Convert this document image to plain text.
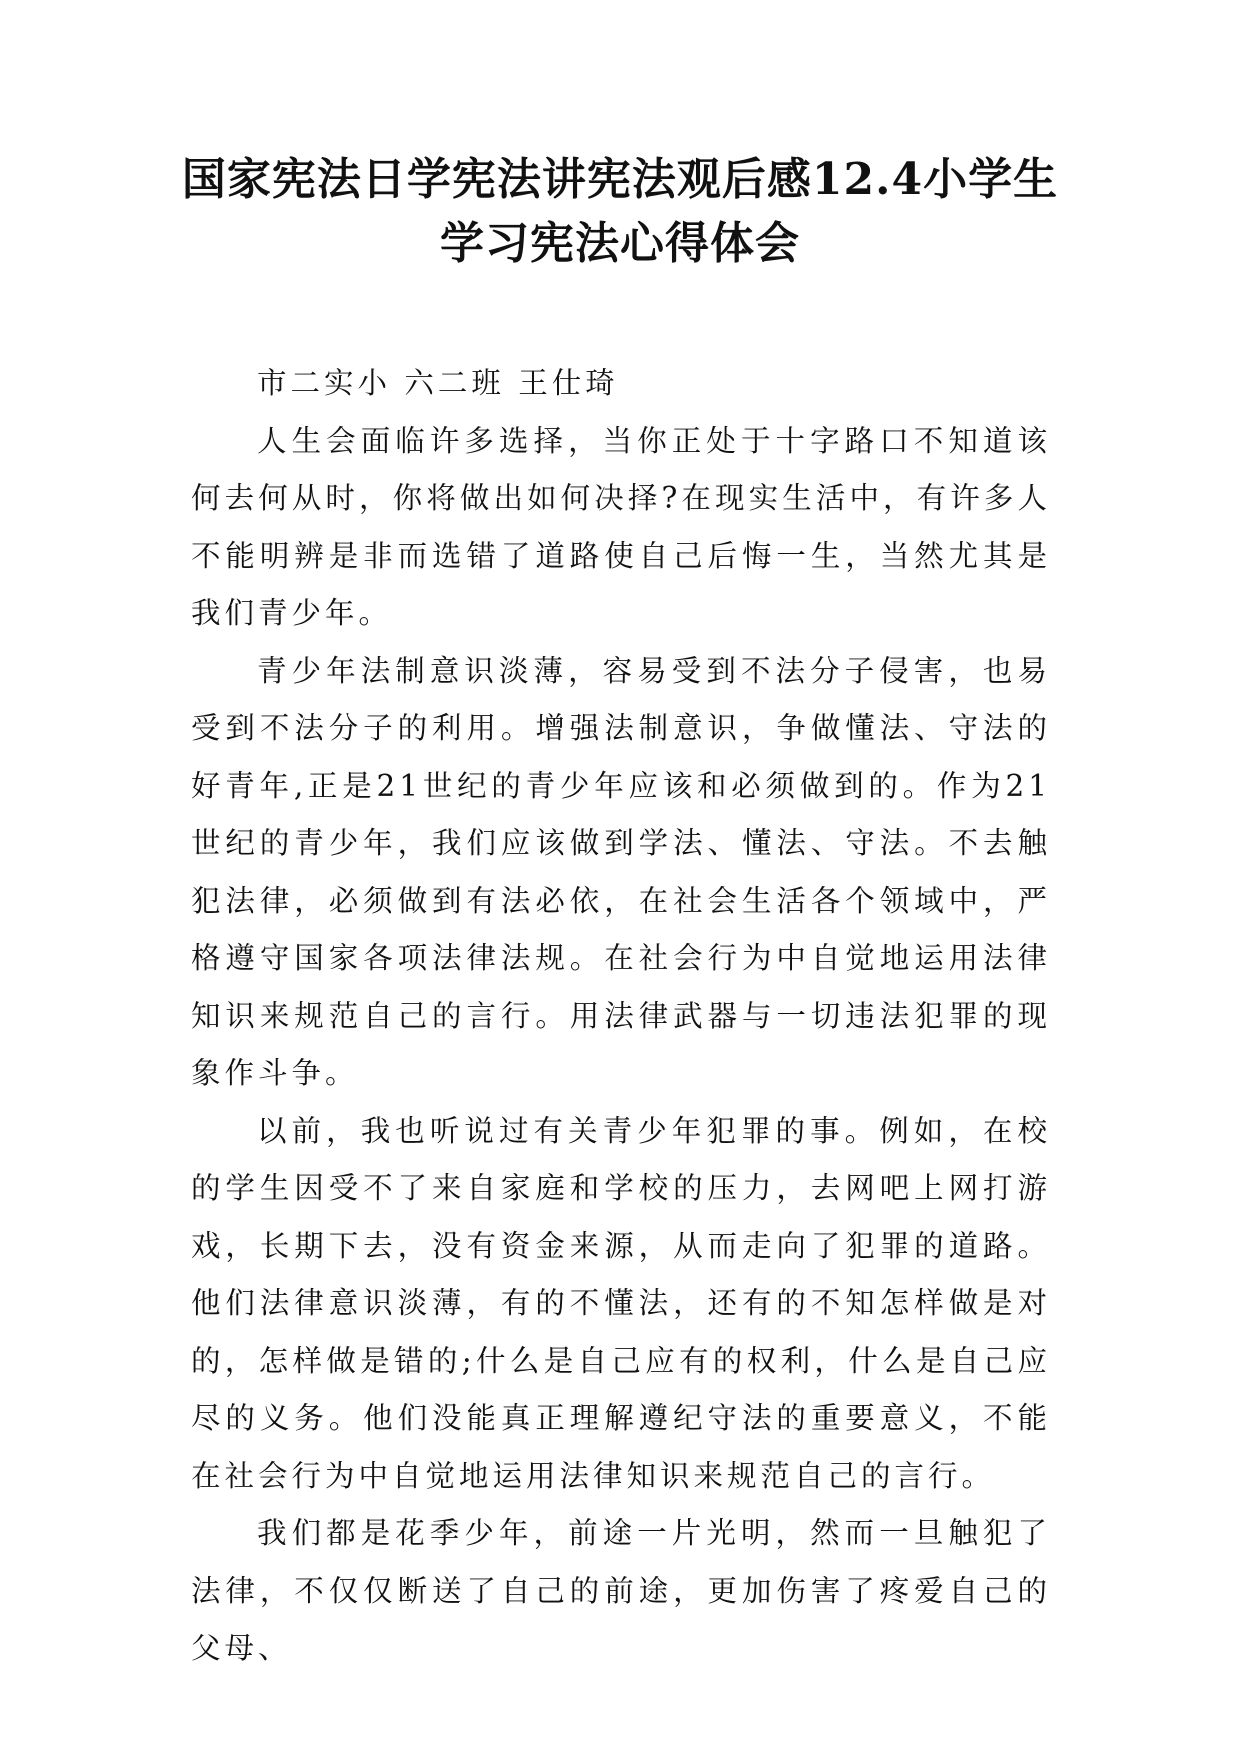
国家宪法日学宪法讲宪法观后感12.4小学生学习宪法心得体会

市二实小 六二班 王仕琦

人生会面临许多选择，当你正处于十字路口不知道该何去何从时，你将做出如何决择?在现实生活中，有许多人不能明辨是非而选错了道路使自己后悔一生，当然尤其是我们青少年。

青少年法制意识淡薄，容易受到不法分子侵害，也易受到不法分子的利用。增强法制意识，争做懂法、守法的好青年,正是21世纪的青少年应该和必须做到的。作为21世纪的青少年，我们应该做到学法、懂法、守法。不去触犯法律，必须做到有法必依，在社会生活各个领域中，严格遵守国家各项法律法规。在社会行为中自觉地运用法律知识来规范自己的言行。用法律武器与一切违法犯罪的现象作斗争。

以前，我也听说过有关青少年犯罪的事。例如，在校的学生因受不了来自家庭和学校的压力，去网吧上网打游戏，长期下去，没有资金来源，从而走向了犯罪的道路。他们法律意识淡薄，有的不懂法，还有的不知怎样做是对的，怎样做是错的;什么是自己应有的权利，什么是自己应尽的义务。他们没能真正理解遵纪守法的重要意义，不能在社会行为中自觉地运用法律知识来规范自己的言行。

我们都是花季少年，前途一片光明，然而一旦触犯了法律，不仅仅断送了自己的前途，更加伤害了疼爱自己的父母、
